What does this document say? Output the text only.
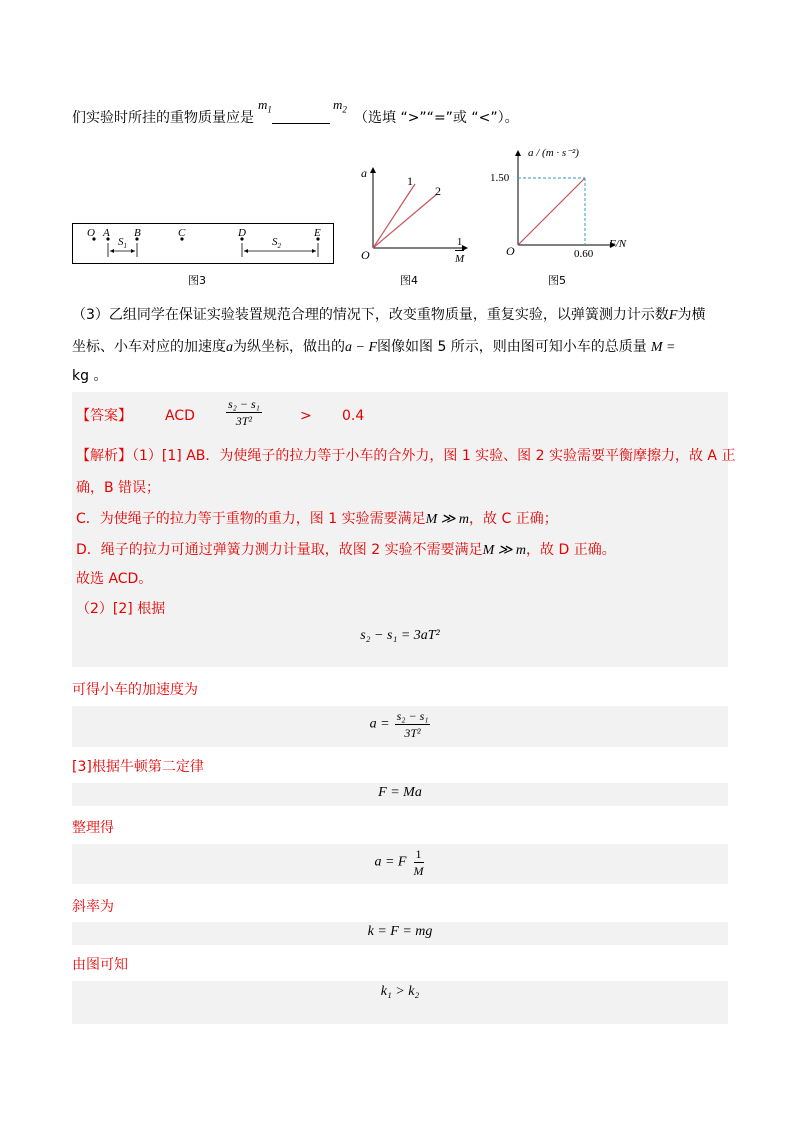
们实验时所挂的重物质量应是
$m_1$	$m_2$
（选填 “>”“=”或 “<”）。
O A B	C	D	E
$S_1$	$S_2$
图3
a
O
1
2
$\frac{1}{M}$
图4
a / (m · s⁻²)
1.50
O	0.60
F/N
图5
（3）乙组同学在保证实验装置规范合理的情况下，改变重物质量，重复实验，以弹簧测力计示数F为横
坐标、小车对应的加速度a为纵坐标，做出的a − F图像如图 5 所示，则由图可知小车的总质量 M =
kg 。
【答案】 ACD	$\frac{\text{s₂ − s₁}}{\text{3T²}}$	> 0.4
【解析】（1）[1] AB．为使绳子的拉力等于小车的合外力，图 1 实验、图 2 实验需要平衡摩擦力，故 A 正
确，B 错误；
C．为使绳子的拉力等于重物的重力，图 1 实验需要满足M ≫ m，故 C 正确；
D．绳子的拉力可通过弹簧力测力计量取，故图 2 实验不需要满足M ≫ m，故 D 正确。
故选 ACD。
（2）[2] 根据
s₂ − s₁ = 3aT²
可得小车的加速度为
$a = \frac{\text{s₂ − s₁}}{\text{3T²}}$
[3]根据牛顿第二定律
F = Ma
整理得
a = F $\frac{1}{M}$
斜率为
k = F = mg
由图可知
k₁ > k₂
